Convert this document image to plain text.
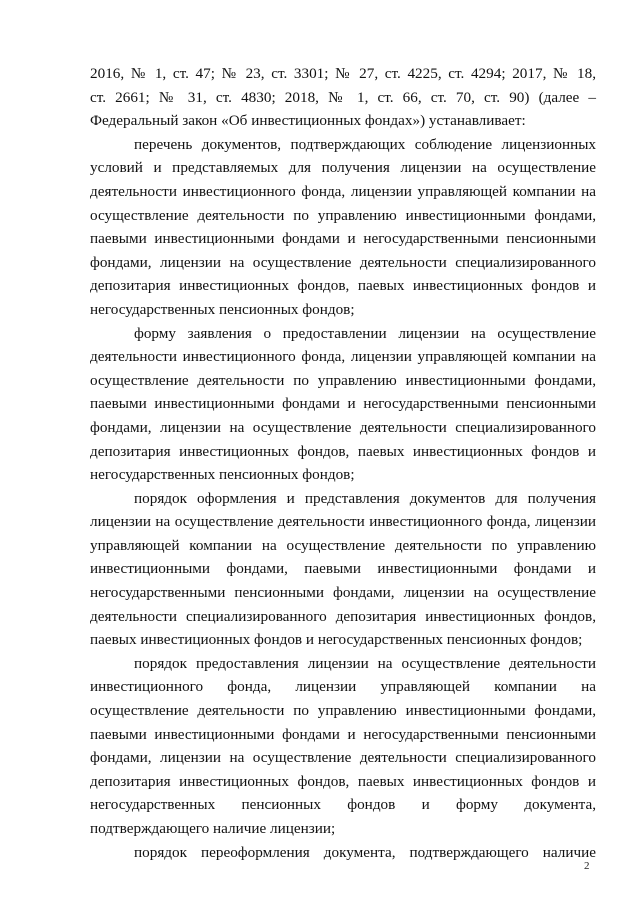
2016, № 1, ст. 47; № 23, ст. 3301; № 27, ст. 4225, ст. 4294; 2017, № 18,
ст. 2661; № 31, ст. 4830; 2018, № 1, ст. 66, ст. 70, ст. 90) (далее –
Федеральный закон «Об инвестиционных фондах») устанавливает:
перечень документов, подтверждающих соблюдение лицензионных
условий и представляемых для получения лицензии на осуществление
деятельности инвестиционного фонда, лицензии управляющей компании на
осуществление деятельности по управлению инвестиционными фондами,
паевыми инвестиционными фондами и негосударственными пенсионными
фондами, лицензии на осуществление деятельности специализированного
депозитария инвестиционных фондов, паевых инвестиционных фондов и
негосударственных пенсионных фондов;
форму заявления о предоставлении лицензии на осуществление
деятельности инвестиционного фонда, лицензии управляющей компании на
осуществление деятельности по управлению инвестиционными фондами,
паевыми инвестиционными фондами и негосударственными пенсионными
фондами, лицензии на осуществление деятельности специализированного
депозитария инвестиционных фондов, паевых инвестиционных фондов и
негосударственных пенсионных фондов;
порядок оформления и представления документов для получения
лицензии на осуществление деятельности инвестиционного фонда, лицензии
управляющей компании на осуществление деятельности по управлению
инвестиционными фондами, паевыми инвестиционными фондами и
негосударственными пенсионными фондами, лицензии на осуществление
деятельности специализированного депозитария инвестиционных фондов,
паевых инвестиционных фондов и негосударственных пенсионных фондов;
порядок предоставления лицензии на осуществление деятельности
инвестиционного фонда, лицензии управляющей компании на
осуществление деятельности по управлению инвестиционными фондами,
паевыми инвестиционными фондами и негосударственными пенсионными
фондами, лицензии на осуществление деятельности специализированного
депозитария инвестиционных фондов, паевых инвестиционных фондов и
негосударственных пенсионных фондов и форму документа,
подтверждающего наличие лицензии;
порядок переоформления документа, подтверждающего наличие
2
